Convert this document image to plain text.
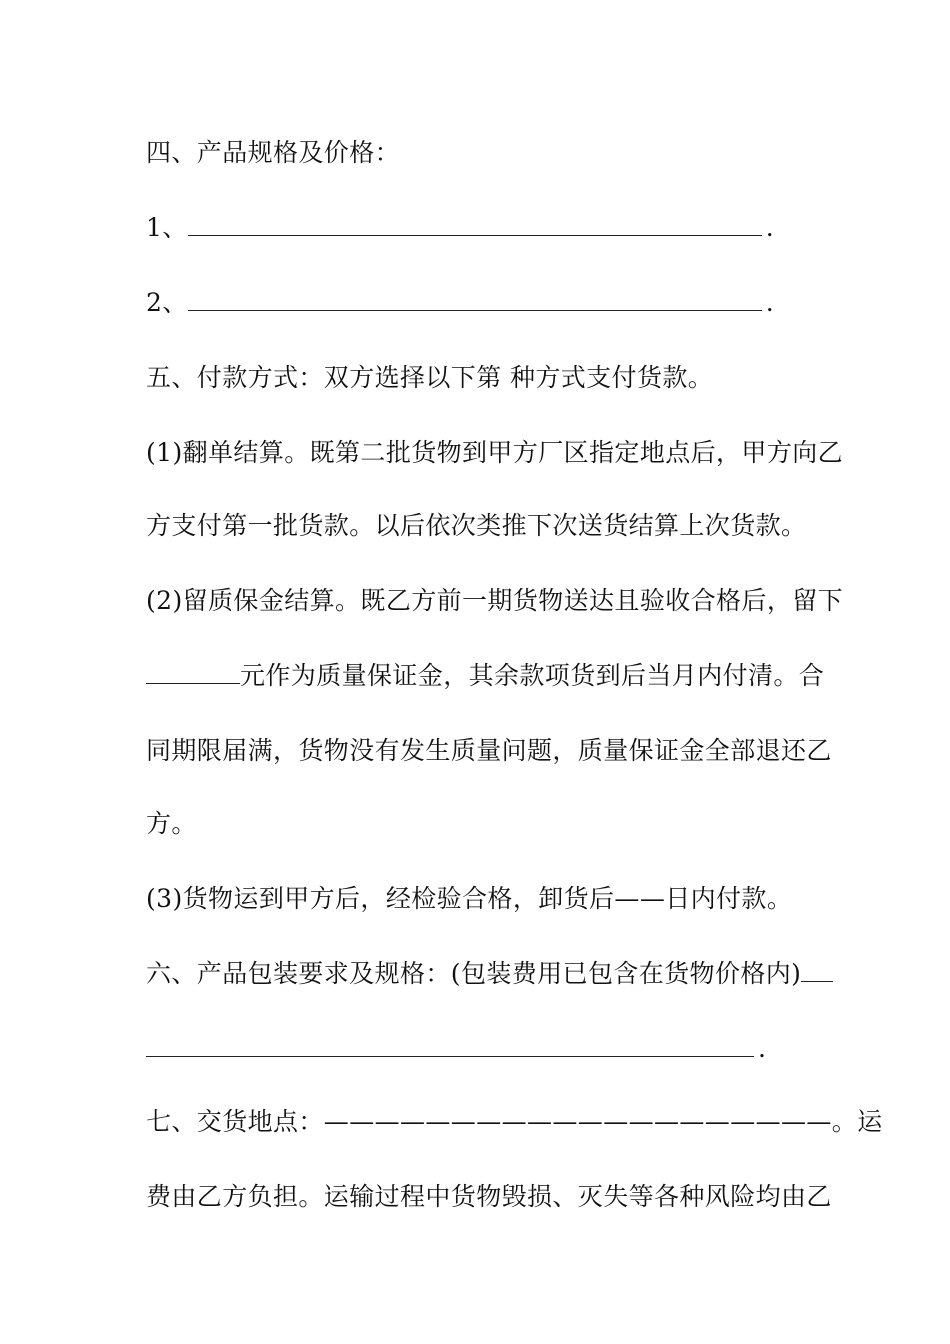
四、产品规格及价格：
1、	.
2、	.
五、付款方式：双方选择以下第 种方式支付货款。
(1)翻单结算。既第二批货物到甲方厂区指定地点后，甲方向乙
方支付第一批货款。以后依次类推下次送货结算上次货款。
(2)留质保金结算。既乙方前一期货物送达且验收合格后，留下
元作为质量保证金，其余款项货到后当月内付清。合
同期限届满，货物没有发生质量问题，质量保证金全部退还乙
方。
(3)货物运到甲方后，经检验合格，卸货后——日内付款。
六、产品包装要求及规格：(包装费用已包含在货物价格内)
.
七、交货地点：————————————————————。运
费由乙方负担。运输过程中货物毁损、灭失等各种风险均由乙
